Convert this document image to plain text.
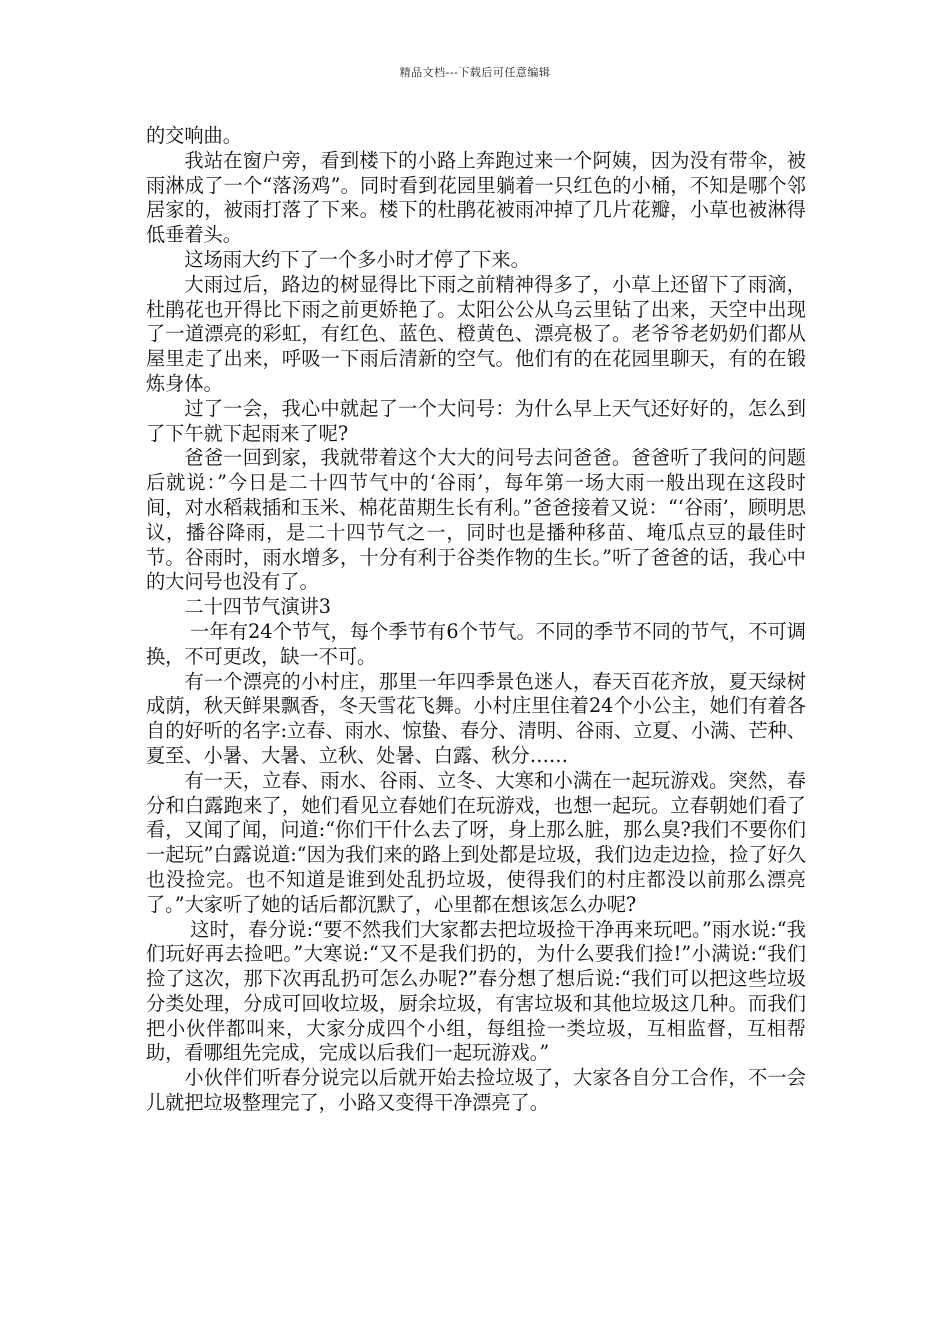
精品文档---下载后可任意编辑

的交响曲。

我站在窗户旁，看到楼下的小路上奔跑过来一个阿姨，因为没有带伞，被雨淋成了一个“落汤鸡”。同时看到花园里躺着一只红色的小桶，不知是哪个邻居家的，被雨打落了下来。楼下的杜鹃花被雨冲掉了几片花瓣，小草也被淋得低垂着头。

这场雨大约下了一个多小时才停了下来。

大雨过后，路边的树显得比下雨之前精神得多了，小草上还留下了雨滴，杜鹃花也开得比下雨之前更娇艳了。太阳公公从乌云里钻了出来，天空中出现了一道漂亮的彩虹，有红色、蓝色、橙黄色、漂亮极了。老爷爷老奶奶们都从屋里走了出来，呼吸一下雨后清新的空气。他们有的在花园里聊天，有的在锻炼身体。

过了一会，我心中就起了一个大问号：为什么早上天气还好好的，怎么到了下午就下起雨来了呢?

爸爸一回到家，我就带着这个大大的问号去问爸爸。爸爸听了我问的问题后就说：”今日是二十四节气中的‘谷雨’，每年第一场大雨一般出现在这段时间，对水稻栽插和玉米、棉花苗期生长有利。”爸爸接着又说：“‘谷雨’，顾明思议，播谷降雨，是二十四节气之一，同时也是播种移苗、埯瓜点豆的最佳时节。谷雨时，雨水增多，十分有利于谷类作物的生长。”听了爸爸的话，我心中的大问号也没有了。

二十四节气演讲3

一年有24个节气，每个季节有6个节气。不同的季节不同的节气，不可调换，不可更改，缺一不可。

有一个漂亮的小村庄，那里一年四季景色迷人，春天百花齐放，夏天绿树成荫，秋天鲜果飘香，冬天雪花飞舞。小村庄里住着24个小公主，她们有着各自的好听的名字:立春、雨水、惊蛰、春分、清明、谷雨、立夏、小满、芒种、夏至、小暑、大暑、立秋、处暑、白露、秋分……

有一天，立春、雨水、谷雨、立冬、大寒和小满在一起玩游戏。突然，春分和白露跑来了，她们看见立春她们在玩游戏，也想一起玩。立春朝她们看了看，又闻了闻，问道:“你们干什么去了呀，身上那么脏，那么臭?我们不要你们一起玩”白露说道:“因为我们来的路上到处都是垃圾，我们边走边捡，捡了好久也没捡完。也不知道是谁到处乱扔垃圾，使得我们的村庄都没以前那么漂亮了。”大家听了她的话后都沉默了，心里都在想该怎么办呢?

这时，春分说:“要不然我们大家都去把垃圾捡干净再来玩吧。”雨水说:“我们玩好再去捡吧。”大寒说:“又不是我们扔的，为什么要我们捡!”小满说:“我们捡了这次，那下次再乱扔可怎么办呢?”春分想了想后说:“我们可以把这些垃圾分类处理，分成可回收垃圾，厨余垃圾，有害垃圾和其他垃圾这几种。而我们把小伙伴都叫来，大家分成四个小组，每组捡一类垃圾，互相监督，互相帮助，看哪组先完成，完成以后我们一起玩游戏。”

小伙伴们听春分说完以后就开始去捡垃圾了，大家各自分工合作，不一会儿就把垃圾整理完了，小路又变得干净漂亮了。
